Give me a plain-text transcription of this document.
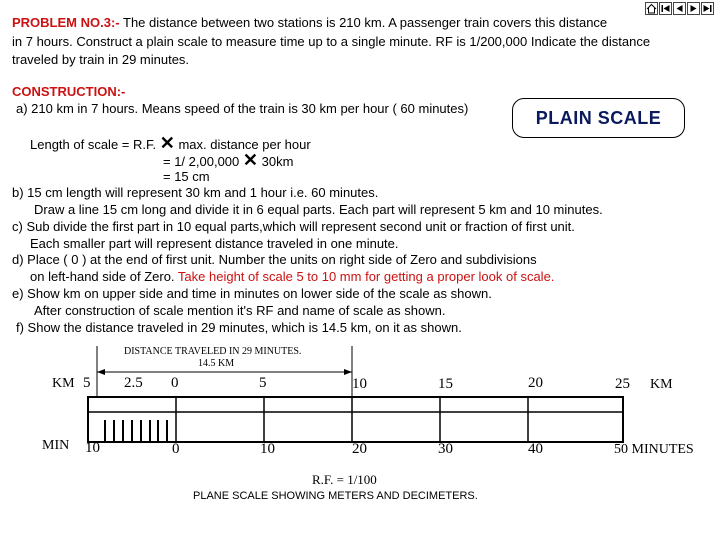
PROBLEM NO.3:- The distance between two stations is 210 km. A passenger train covers this distance
in 7 hours. Construct a plain scale to measure time up to a single minute. RF is 1/200,000 Indicate the distance
traveled by train in 29 minutes.
CONSTRUCTION:-
a) 210 km in 7 hours. Means speed of the train is 30 km per hour ( 60 minutes)	PLAIN SCALE
Length of scale = R.F. ✕ max. distance per hour
= 1/ 2,00,000 ✕ 30km
= 15 cm
b) 15 cm length will represent 30 km and 1 hour i.e. 60 minutes.
Draw a line 15 cm long and divide it in 6 equal parts. Each part will represent 5 km and 10 minutes.
c) Sub divide the first part in 10 equal parts,which will represent second unit or fraction of first unit.
Each smaller part will represent distance traveled in one minute.
d) Place ( 0 ) at the end of first unit. Number the units on right side of Zero and subdivisions
on left-hand side of Zero. Take height of scale 5 to 10 mm for getting a proper look of scale.
e) Show km on upper side and time in minutes on lower side of the scale as shown.
After construction of scale mention it's RF and name of scale as shown.
f) Show the distance traveled in 29 minutes, which is 14.5 km, on it as shown.
DISTANCE TRAVELED IN 29 MINUTES.
14.5 KM
KM 5 2.5 0	5	10	15	20	25 KM
MIN 10	0	10	20	30	40	50 MINUTES
R.F. = 1/100
PLANE SCALE SHOWING METERS AND DECIMETERS.
